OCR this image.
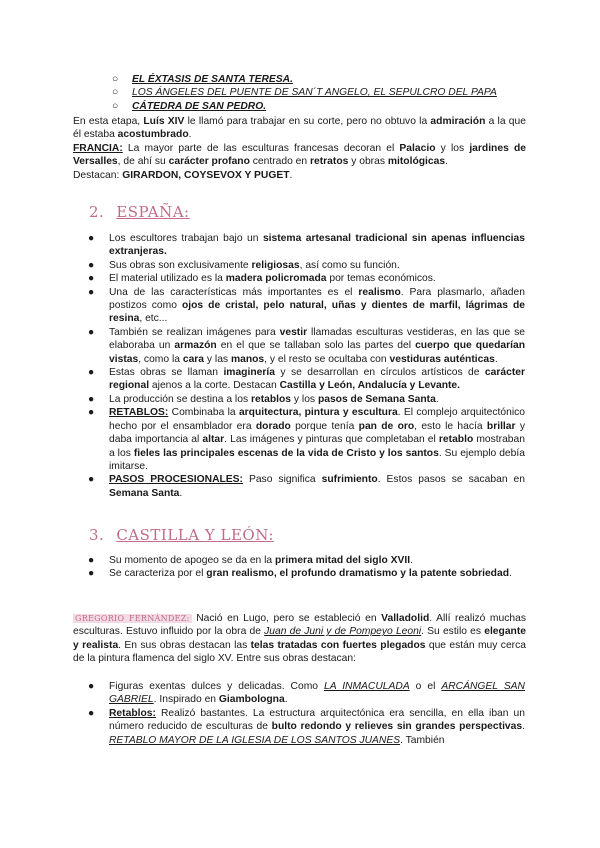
○ EL ÉXTASIS DE SANTA TERESA.
○ LOS ÁNGELES DEL PUENTE DE SAN´T ANGELO, EL SEPULCRO DEL PAPA
○ CÁTEDRA DE SAN PEDRO.
En esta etapa, Luís XIV le llamó para trabajar en su corte, pero no obtuvo la admiración a la que él estaba acostumbrado.
FRANCIA: La mayor parte de las esculturas francesas decoran el Palacio y los jardines de Versalles, de ahí su carácter profano centrado en retratos y obras mitológicas.
Destacan: GIRARDON, COYSEVOX Y PUGET.
2. ESPAÑA:
● Los escultores trabajan bajo un sistema artesanal tradicional sin apenas influencias extranjeras.
● Sus obras son exclusivamente religiosas, así como su función.
● El material utilizado es la madera policromada por temas económicos.
● Una de las características más importantes es el realismo. Para plasmarlo, añaden postizos como ojos de cristal, pelo natural, uñas y dientes de marfil, lágrimas de resina, etc...
● También se realizan imágenes para vestir llamadas esculturas vestideras, en las que se elaboraba un armazón en el que se tallaban solo las partes del cuerpo que quedarían vistas, como la cara y las manos, y el resto se ocultaba con vestiduras auténticas.
● Estas obras se llaman imaginería y se desarrollan en círculos artísticos de carácter regional ajenos a la corte. Destacan Castilla y León, Andalucía y Levante.
● La producción se destina a los retablos y los pasos de Semana Santa.
● RETABLOS: Combinaba la arquitectura, pintura y escultura. El complejo arquitectónico hecho por el ensamblador era dorado porque tenía pan de oro, esto le hacía brillar y daba importancia al altar. Las imágenes y pinturas que completaban el retablo mostraban a los fieles las principales escenas de la vida de Cristo y los santos. Su ejemplo debía imitarse.
● PASOS PROCESIONALES: Paso significa sufrimiento. Estos pasos se sacaban en Semana Santa.
3. CASTILLA Y LEÓN:
● Su momento de apogeo se da en la primera mitad del siglo XVII.
● Se caracteriza por el gran realismo, el profundo dramatismo y la patente sobriedad.
GREGORIO FERNÁNDEZ: Nació en Lugo, pero se estableció en Valladolid. Allí realizó muchas esculturas. Estuvo influido por la obra de Juan de Juni y de Pompeyo Leoni. Su estilo es elegante y realista. En sus obras destacan las telas tratadas con fuertes plegados que están muy cerca de la pintura flamenca del siglo XV. Entre sus obras destacan:
● Figuras exentas dulces y delicadas. Como LA INMACULADA o el ARCÁNGEL SAN GABRIEL. Inspirado en Giambologna.
● Retablos: Realizó bastantes. La estructura arquitectónica era sencilla, en ella iban un número reducido de esculturas de bulto redondo y relieves sin grandes perspectivas. RETABLO MAYOR DE LA IGLESIA DE LOS SANTOS JUANES. También
